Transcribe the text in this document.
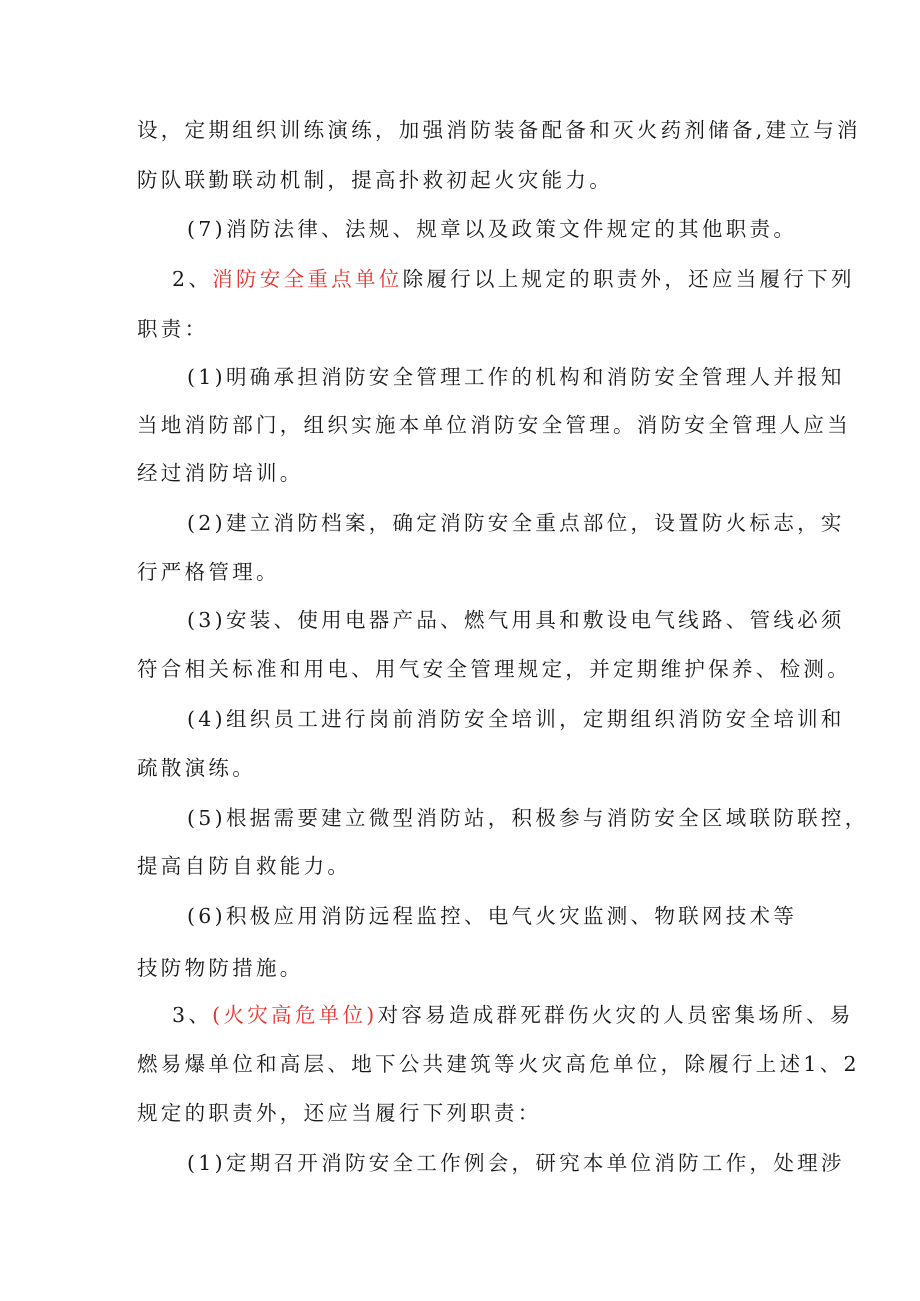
设，定期组织训练演练，加强消防装备配备和灭火药剂储备,建立与消
防队联勤联动机制，提高扑救初起火灾能力。
(7)消防法律、法规、规章以及政策文件规定的其他职责。
2、消防安全重点单位除履行以上规定的职责外，还应当履行下列
职责：
(1)明确承担消防安全管理工作的机构和消防安全管理人并报知
当地消防部门，组织实施本单位消防安全管理。消防安全管理人应当
经过消防培训。
(2)建立消防档案，确定消防安全重点部位，设置防火标志，实
行严格管理。
(3)安装、使用电器产品、燃气用具和敷设电气线路、管线必须
符合相关标准和用电、用气安全管理规定，并定期维护保养、检测。
(4)组织员工进行岗前消防安全培训，定期组织消防安全培训和
疏散演练。
(5)根据需要建立微型消防站，积极参与消防安全区域联防联控，
提高自防自救能力。
(6)积极应用消防远程监控、电气火灾监测、物联网技术等
技防物防措施。
3、(火灾高危单位)对容易造成群死群伤火灾的人员密集场所、易
燃易爆单位和高层、地下公共建筑等火灾高危单位，除履行上述1、2
规定的职责外，还应当履行下列职责：
(1)定期召开消防安全工作例会，研究本单位消防工作，处理涉
